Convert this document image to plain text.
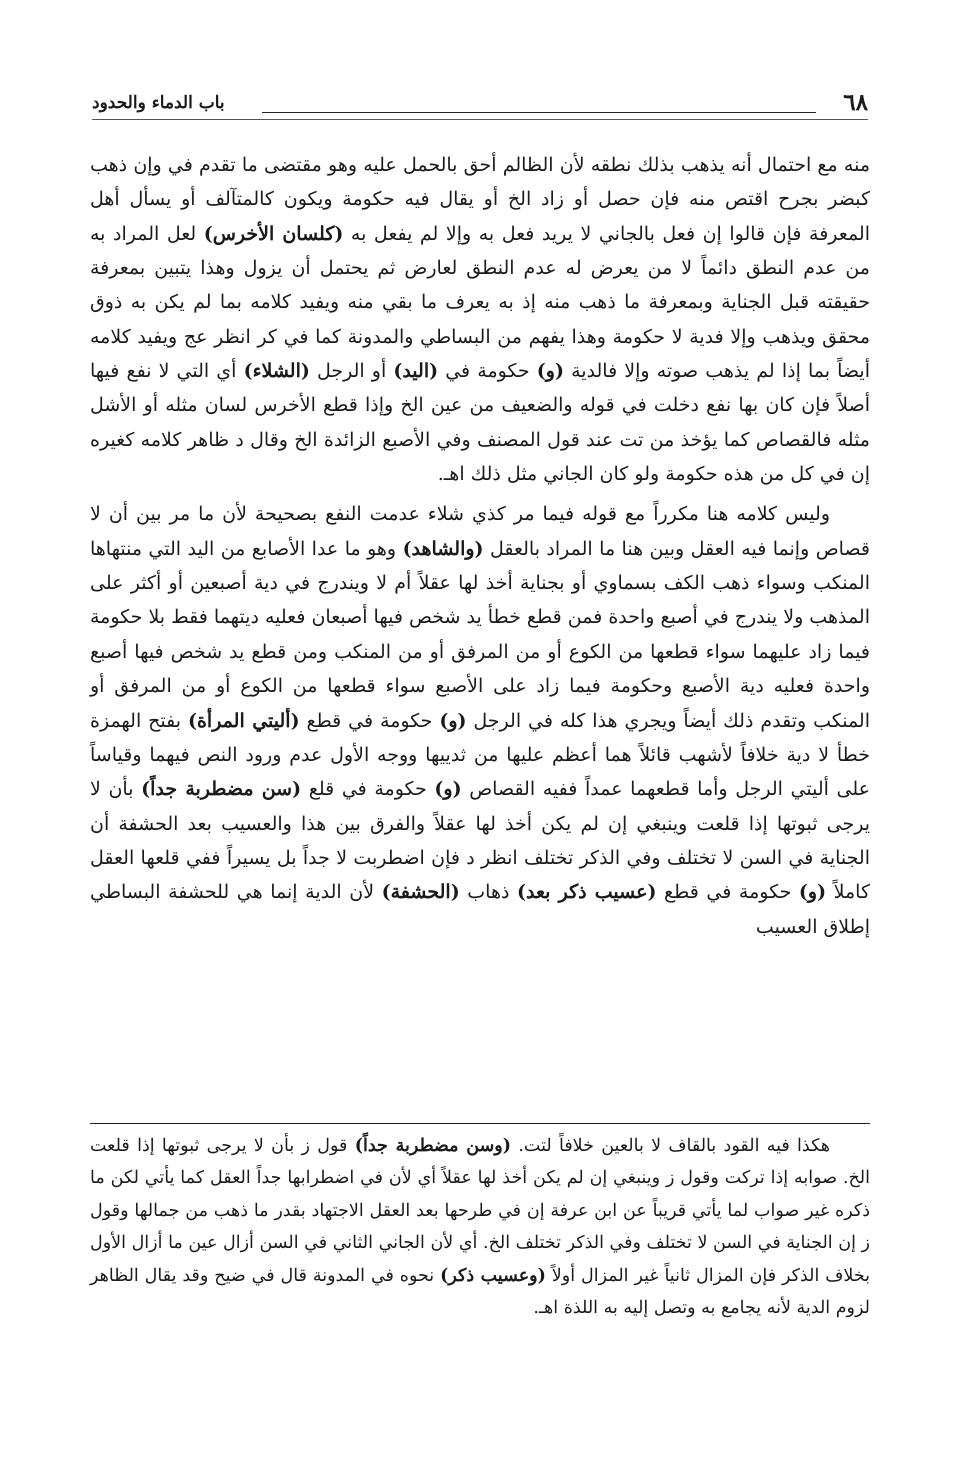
٦٨
باب الدماء والحدود

منه مع احتمال أنه يذهب بذلك نطقه لأن الظالم أحق بالحمل عليه وهو مقتضى ما تقدم في وإن ذهب كبضر بجرح اقتص منه فإن حصل أو زاد الخ أو يقال فيه حكومة ويكون كالمتآلف أو يسأل أهل المعرفة فإن قالوا إن فعل بالجاني لا يريد فعل به وإلا لم يفعل به (كلسان الأخرس) لعل المراد به من عدم النطق دائماً لا من يعرض له عدم النطق لعارض ثم يحتمل أن يزول وهذا يتبين بمعرفة حقيقته قبل الجناية وبمعرفة ما ذهب منه إذ به يعرف ما بقي منه ويفيد كلامه بما لم يكن به ذوق محقق ويذهب وإلا فدية لا حكومة وهذا يفهم من البساطي والمدونة كما في كر انظر عج ويفيد كلامه أيضاً بما إذا لم يذهب صوته وإلا فالدية (و) حكومة في (اليد) أو الرجل (الشلاء) أي التي لا نفع فيها أصلاً فإن كان بها نفع دخلت في قوله والضعيف من عين الخ وإذا قطع الأخرس لسان مثله أو الأشل مثله فالقصاص كما يؤخذ من تت عند قول المصنف وفي الأصبع الزائدة الخ وقال د ظاهر كلامه كغيره إن في كل من هذه حكومة ولو كان الجاني مثل ذلك اهـ.

وليس كلامه هنا مكرراً مع قوله فيما مر كذي شلاء عدمت النفع بصحيحة لأن ما مر بين أن لا قصاص وإنما فيه العقل وبين هنا ما المراد بالعقل (والشاهد) وهو ما عدا الأصابع من اليد التي منتهاها المنكب وسواء ذهب الكف بسماوي أو بجناية أخذ لها عقلاً أم لا ويندرج في دية أصبعين أو أكثر على المذهب ولا يندرج في أصبع واحدة فمن قطع خطأ يد شخص فيها أصبعان فعليه ديتهما فقط بلا حكومة فيما زاد عليهما سواء قطعها من الكوع أو من المرفق أو من المنكب ومن قطع يد شخص فيها أصبع واحدة فعليه دية الأصبع وحكومة فيما زاد على الأصبع سواء قطعها من الكوع أو من المرفق أو المنكب وتقدم ذلك أيضاً ويجري هذا كله في الرجل (و) حكومة في قطع (أليتي المرأة) بفتح الهمزة خطأ لا دية خلافاً لأشهب قائلاً هما أعظم عليها من ثدييها ووجه الأول عدم ورود النص فيهما وقياساً على أليتي الرجل وأما قطعهما عمداً ففيه القصاص (و) حكومة في قلع (سن مضطربة جداً) بأن لا يرجى ثبوتها إذا قلعت وينبغي إن لم يكن أخذ لها عقلاً والفرق بين هذا والعسيب بعد الحشفة أن الجناية في السن لا تختلف وفي الذكر تختلف انظر د فإن اضطربت لا جداً بل يسيراً ففي قلعها العقل كاملاً (و) حكومة في قطع (عسيب ذكر بعد) ذهاب (الحشفة) لأن الدية إنما هي للحشفة البساطي إطلاق العسيب

هكذا فيه القود بالقاف لا بالعين خلافاً لتت. (وسن مضطربة جداً) قول ز بأن لا يرجى ثبوتها إذا قلعت الخ. صوابه إذا تركت وقول ز وينبغي إن لم يكن أخذ لها عقلاً أي لأن في اضطرابها جداً العقل كما يأتي لكن ما ذكره غير صواب لما يأتي قريباً عن ابن عرفة إن في طرحها بعد العقل الاجتهاد بقدر ما ذهب من جمالها وقول ز إن الجناية في السن لا تختلف وفي الذكر تختلف الخ. أي لأن الجاني الثاني في السن أزال عين ما أزال الأول بخلاف الذكر فإن المزال ثانياً غير المزال أولاً (وعسيب ذكر) نحوه في المدونة قال في ضيح وقد يقال الظاهر لزوم الدية لأنه يجامع به وتصل إليه به اللذة اهـ.
